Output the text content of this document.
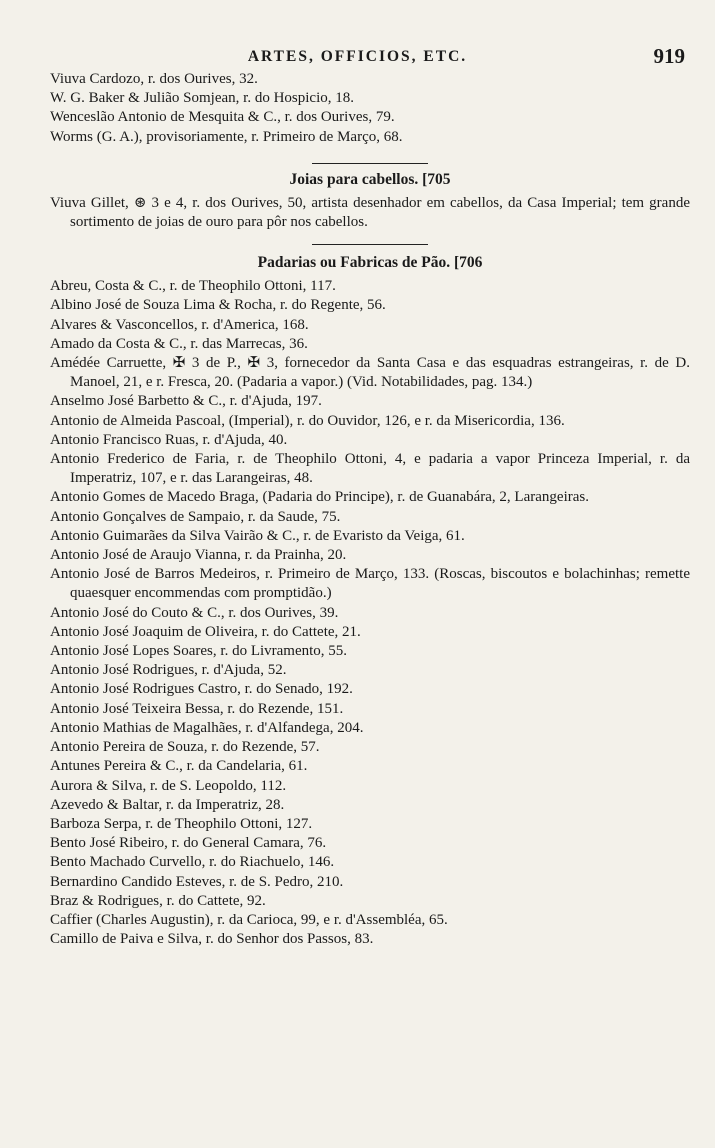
ARTES, OFFICIOS, ETC.	919
Viuva Cardozo, r. dos Ourives, 32.
W. G. Baker & Julião Somjean, r. do Hospicio, 18.
Wenceslão Antonio de Mesquita & C., r. dos Ourives, 79.
Worms (G. A.), provisoriamente, r. Primeiro de Março, 68.
Joias para cabellos. [705
Viuva Gillet, ⊛ 3 e 4, r. dos Ourives, 50, artista desenhador em cabellos, da Casa Imperial; tem grande sortimento de joias de ouro para pôr nos cabellos.
Padarias ou Fabricas de Pão. [706
Abreu, Costa & C., r. de Theophilo Ottoni, 117.
Albino José de Souza Lima & Rocha, r. do Regente, 56.
Alvares & Vasconcellos, r. d'America, 168.
Amado da Costa & C., r. das Marrecas, 36.
Amédée Carruette, ✠ 3 de P., ✠ 3, fornecedor da Santa Casa e das esquadras estrangeiras, r. de D. Manoel, 21, e r. Fresca, 20. (Padaria a vapor.) (Vid. Notabilidades, pag. 134.)
Anselmo José Barbetto & C., r. d'Ajuda, 197.
Antonio de Almeida Pascoal, (Imperial), r. do Ouvidor, 126, e r. da Misericordia, 136.
Antonio Francisco Ruas, r. d'Ajuda, 40.
Antonio Frederico de Faria, r. de Theophilo Ottoni, 4, e padaria a vapor Princeza Imperial, r. da Imperatriz, 107, e r. das Larangeiras, 48.
Antonio Gomes de Macedo Braga, (Padaria do Principe), r. de Guanabára, 2, Larangeiras.
Antonio Gonçalves de Sampaio, r. da Saude, 75.
Antonio Guimarães da Silva Vairão & C., r. de Evaristo da Veiga, 61.
Antonio José de Araujo Vianna, r. da Prainha, 20.
Antonio José de Barros Medeiros, r. Primeiro de Março, 133. (Roscas, biscoutos e bolachinhas; remette quaesquer encommendas com promptidão.)
Antonio José do Couto & C., r. dos Ourives, 39.
Antonio José Joaquim de Oliveira, r. do Cattete, 21.
Antonio José Lopes Soares, r. do Livramento, 55.
Antonio José Rodrigues, r. d'Ajuda, 52.
Antonio José Rodrigues Castro, r. do Senado, 192.
Antonio José Teixeira Bessa, r. do Rezende, 151.
Antonio Mathias de Magalhães, r. d'Alfandega, 204.
Antonio Pereira de Souza, r. do Rezende, 57.
Antunes Pereira & C., r. da Candelaria, 61.
Aurora & Silva, r. de S. Leopoldo, 112.
Azevedo & Baltar, r. da Imperatriz, 28.
Barboza Serpa, r. de Theophilo Ottoni, 127.
Bento José Ribeiro, r. do General Camara, 76.
Bento Machado Curvello, r. do Riachuelo, 146.
Bernardino Candido Esteves, r. de S. Pedro, 210.
Braz & Rodrigues, r. do Cattete, 92.
Caffier (Charles Augustin), r. da Carioca, 99, e r. d'Assembléa, 65.
Camillo de Paiva e Silva, r. do Senhor dos Passos, 83.
